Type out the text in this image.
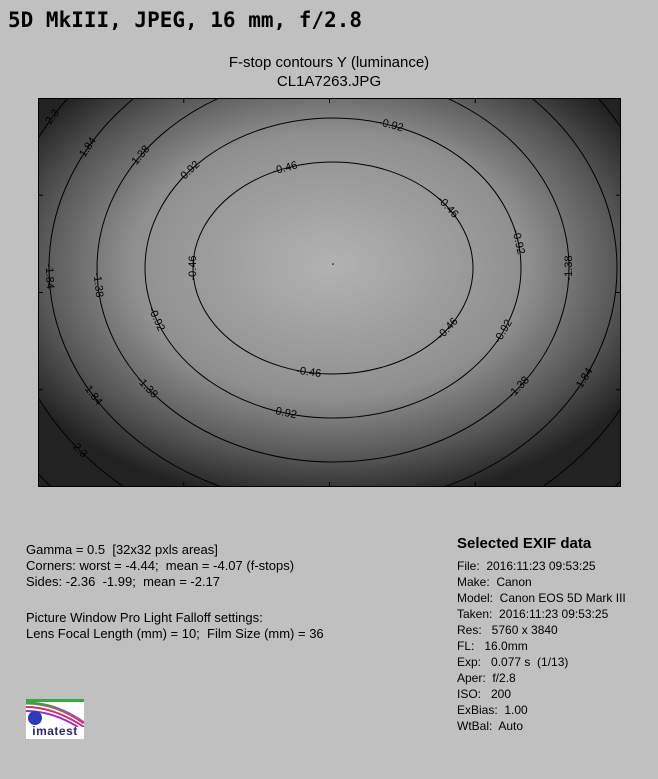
5D MkIII, JPEG, 16 mm, f/2.8
F-stop contours Y (luminance)
CL1A7263.JPG
-0.46
-0.46
-0.46
-0.46
-0.46
-0.92
-0.92
-0.92
-0.92
-0.92
-0.92
-1.38
-1.38
-1.38
-1.38
-1.38
-1.84
-1.84
-1.84
-1.84
-2.3
-2.3
Gamma = 0.5  [32x32 pxls areas]
Corners: worst = -4.44;  mean = -4.07 (f-stops)
Sides: -2.36  -1.99;  mean = -2.17
Picture Window Pro Light Falloff settings:
Lens Focal Length (mm) = 10;  Film Size (mm) = 36
Selected EXIF data
File:  2016:11:23 09:53:25
Make:  Canon
Model:  Canon EOS 5D Mark III
Taken:  2016:11:23 09:53:25
Res:   5760 x 3840
FL:   16.0mm
Exp:   0.077 s  (1/13)
Aper:  f/2.8
ISO:   200
ExBias:  1.00
WtBal:  Auto
imatest
